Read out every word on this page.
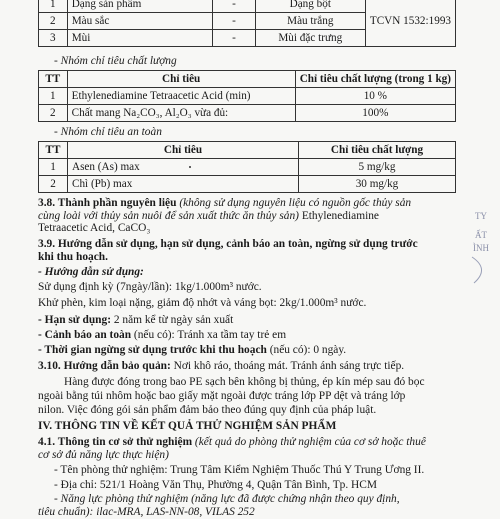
1	Dạng sản phẩm	-	Dạng bột	TCVN 1532:1993
2	Màu sắc	-	Màu trắng	
3	Mùi	-	Mùi đặc trưng	
- Nhóm chỉ tiêu chất lượng
TT	Chỉ tiêu	Chỉ tiêu chất lượng (trong 1 kg)
1	Ethylenediamine Tetraacetic Acid (min)	10 %
2	Chất mang Na₂CO₃, Al₂O₃ vừa đủ:	100%
- Nhóm chỉ tiêu an toàn
TT	Chỉ tiêu	Chỉ tiêu chất lượng
1	Asen (As) max	5 mg/kg
2	Chì (Pb) max	30 mg/kg
3.8. Thành phần nguyên liệu (không sử dụng nguyên liệu có nguồn gốc thủy sản
cùng loài với thủy sản nuôi để sản xuất thức ăn thủy sản) Ethylenediamine
Tetraacetic Acid, CaCO₃
3.9. Hướng dẫn sử dụng, hạn sử dụng, cảnh báo an toàn, ngừng sử dụng trước
khi thu hoạch.
- Hướng dẫn sử dụng:
Sử dụng định kỳ (7ngày/lần): 1kg/1.000m³ nước.
Khử phèn, kim loại nặng, giảm độ nhớt và váng bọt: 2kg/1.000m³ nước.
- Hạn sử dụng: 2 năm kể từ ngày sản xuất
- Cảnh báo an toàn (nếu có): Tránh xa tầm tay trẻ em
- Thời gian ngừng sử dụng trước khi thu hoạch (nếu có): 0 ngày.
3.10. Hướng dẫn bảo quản: Nơi khô ráo, thoáng mát. Tránh ánh sáng trực tiếp.
Hàng được đóng trong bao PE sạch bên không bị thủng, ép kín mép sau đó bọc
ngoài bằng túi nhôm hoặc bao giấy mặt ngoài được tráng lớp PP dệt và tráng lớp
nilon. Việc đóng gói sản phẩm đảm bảo theo đúng quy định của pháp luật.
IV. THÔNG TIN VỀ KẾT QUẢ THỬ NGHIỆM SẢN PHẨM
4.1. Thông tin cơ sở thử nghiệm (kết quả do phòng thử nghiệm của cơ sở hoặc thuê
cơ sở đủ năng lực thực hiện)
- Tên phòng thử nghiệm: Trung Tâm Kiểm Nghiệm Thuốc Thú Y Trung Ương II.
- Địa chỉ: 521/1 Hoàng Văn Thụ, Phường 4, Quận Tân Bình, Tp. HCM
- Năng lực phòng thử nghiệm (năng lực đã được chứng nhận theo quy định,
tiêu chuẩn): ilac-MRA, LAS-NN-08, VILAS 252
TY
ẤT
ÌNH
